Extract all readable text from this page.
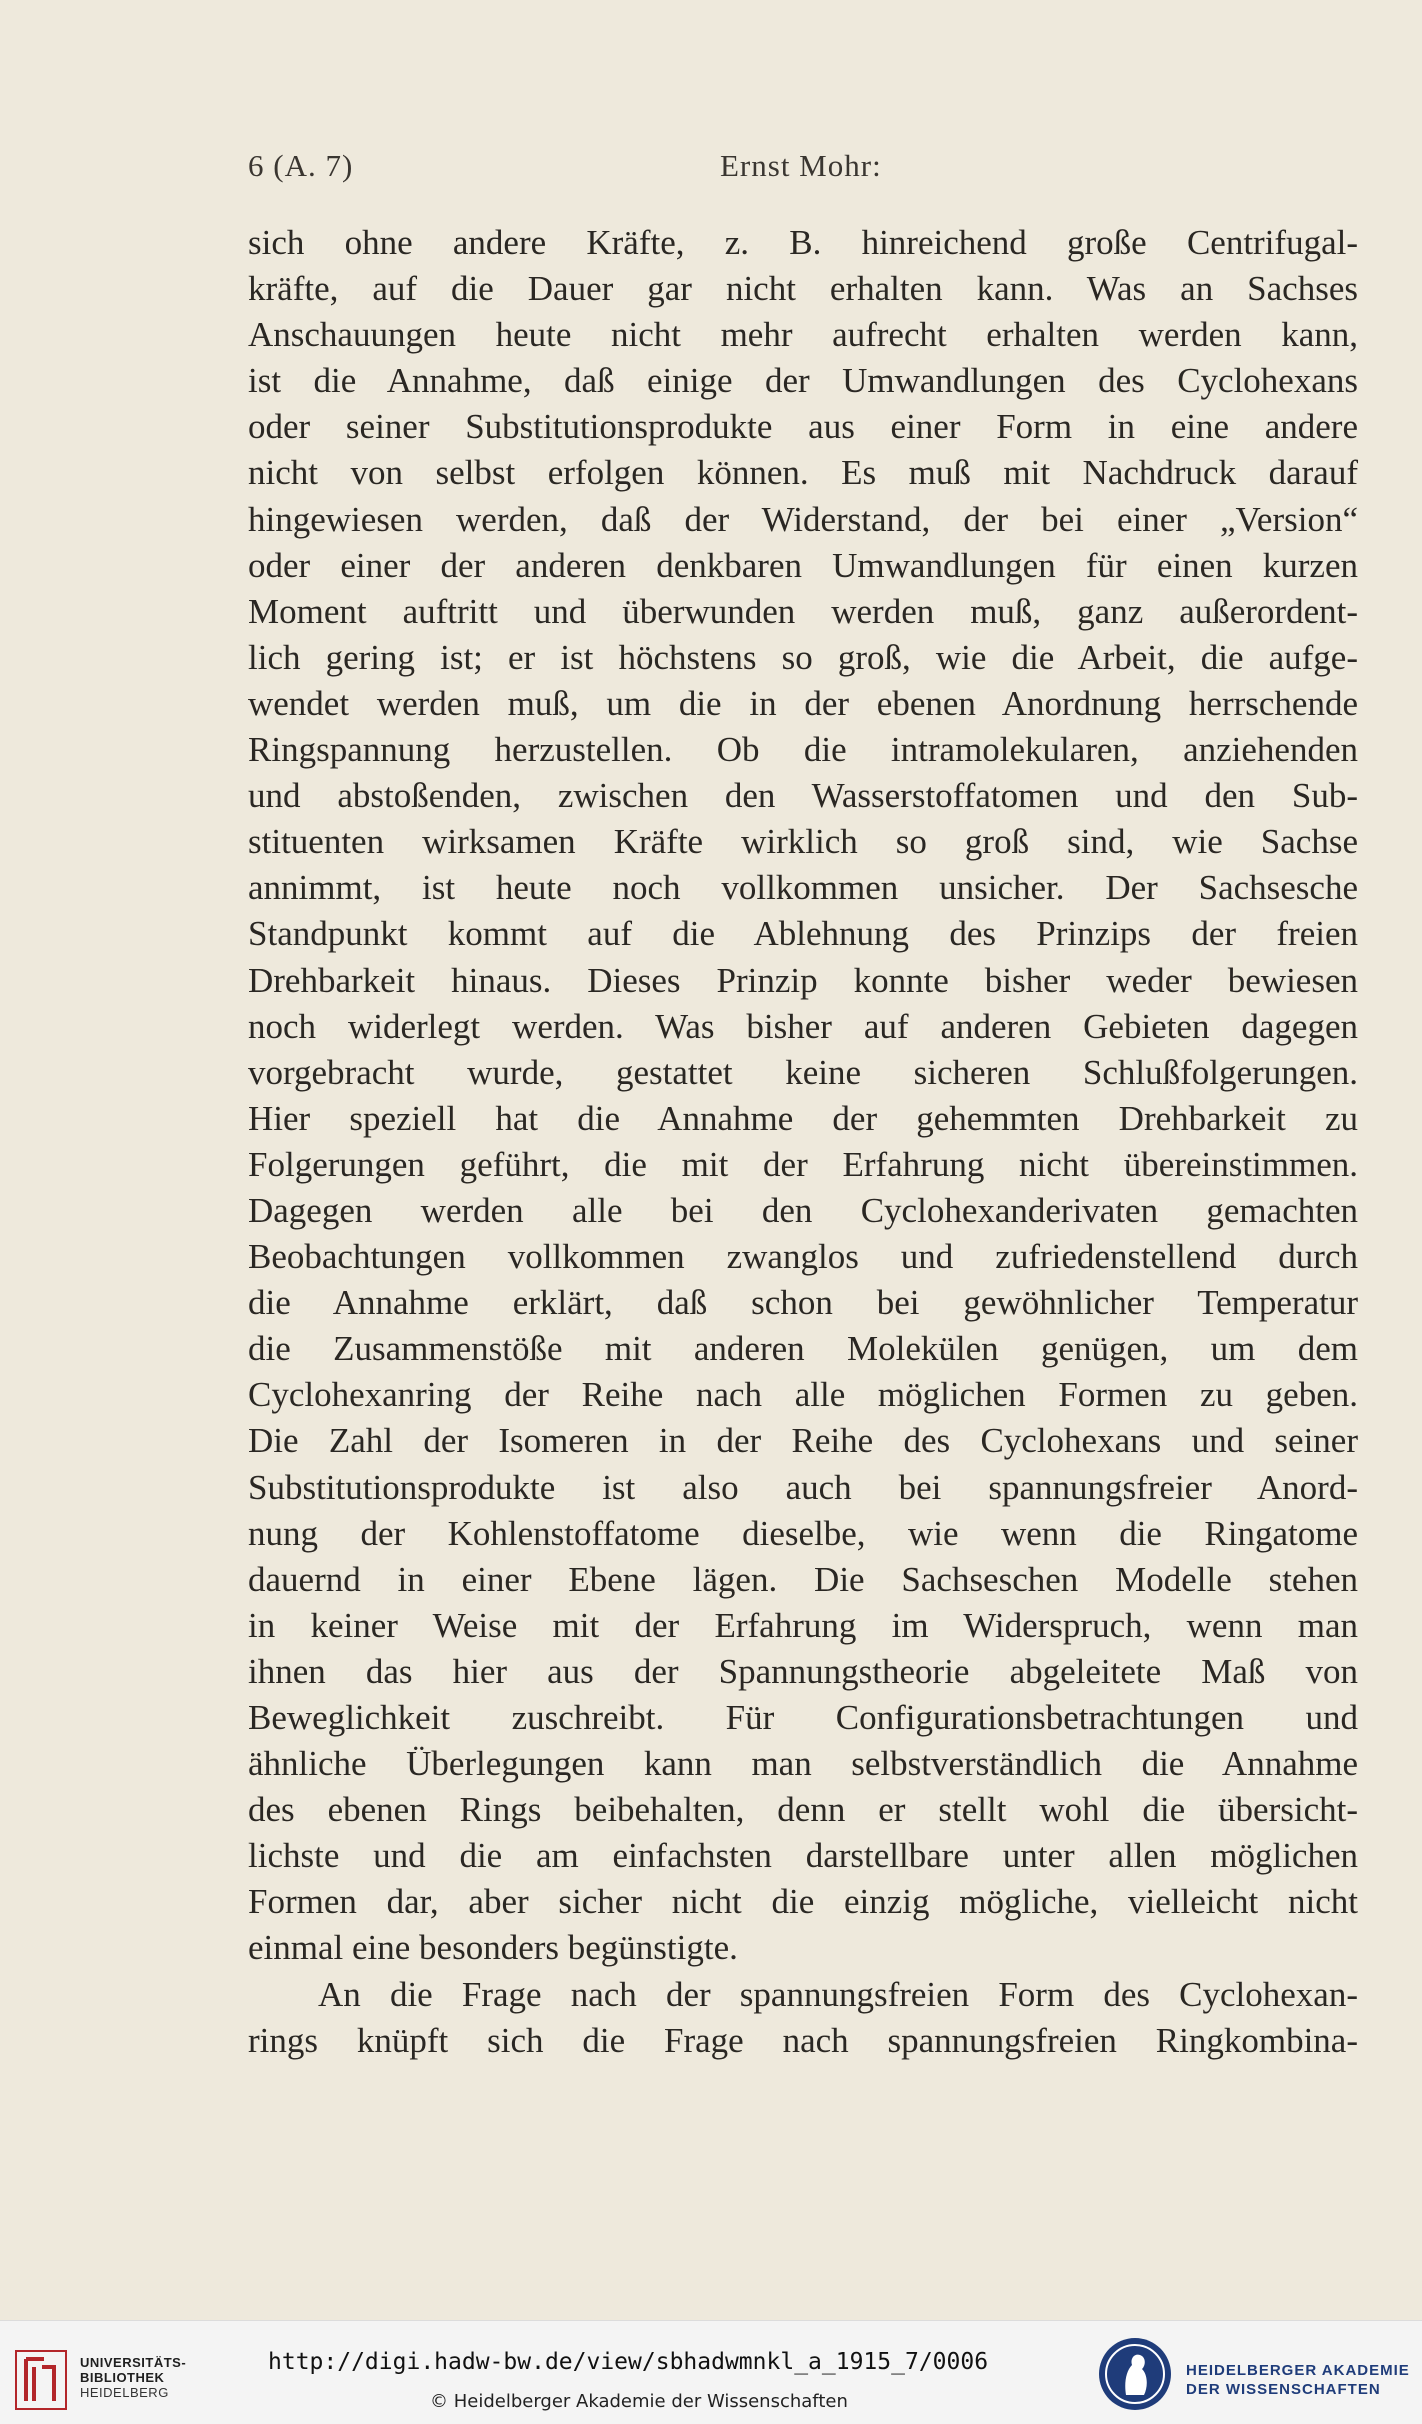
6 (A. 7)	Ernst Mohr:
sich ohne andere Kräfte, z. B. hinreichend große Centrifugal-
kräfte, auf die Dauer gar nicht erhalten kann. Was an Sachses
Anschauungen heute nicht mehr aufrecht erhalten werden kann,
ist die Annahme, daß einige der Umwandlungen des Cyclohexans
oder seiner Substitutionsprodukte aus einer Form in eine andere
nicht von selbst erfolgen können. Es muß mit Nachdruck darauf
hingewiesen werden, daß der Widerstand, der bei einer „Version“
oder einer der anderen denkbaren Umwandlungen für einen kurzen
Moment auftritt und überwunden werden muß, ganz außerordent-
lich gering ist; er ist höchstens so groß, wie die Arbeit, die aufge-
wendet werden muß, um die in der ebenen Anordnung herrschende
Ringspannung herzustellen. Ob die intramolekularen, anziehenden
und abstoßenden, zwischen den Wasserstoffatomen und den Sub-
stituenten wirksamen Kräfte wirklich so groß sind, wie Sachse
annimmt, ist heute noch vollkommen unsicher. Der Sachsesche
Standpunkt kommt auf die Ablehnung des Prinzips der freien
Drehbarkeit hinaus. Dieses Prinzip konnte bisher weder bewiesen
noch widerlegt werden. Was bisher auf anderen Gebieten dagegen
vorgebracht wurde, gestattet keine sicheren Schlußfolgerungen.
Hier speziell hat die Annahme der gehemmten Drehbarkeit zu
Folgerungen geführt, die mit der Erfahrung nicht übereinstimmen.
Dagegen werden alle bei den Cyclohexanderivaten gemachten
Beobachtungen vollkommen zwanglos und zufriedenstellend durch
die Annahme erklärt, daß schon bei gewöhnlicher Temperatur
die Zusammenstöße mit anderen Molekülen genügen, um dem
Cyclohexanring der Reihe nach alle möglichen Formen zu geben.
Die Zahl der Isomeren in der Reihe des Cyclohexans und seiner
Substitutionsprodukte ist also auch bei spannungsfreier Anord-
nung der Kohlenstoffatome dieselbe, wie wenn die Ringatome
dauernd in einer Ebene lägen. Die Sachseschen Modelle stehen
in keiner Weise mit der Erfahrung im Widerspruch, wenn man
ihnen das hier aus der Spannungstheorie abgeleitete Maß von
Beweglichkeit zuschreibt. Für Configurationsbetrachtungen und
ähnliche Überlegungen kann man selbstverständlich die Annahme
des ebenen Rings beibehalten, denn er stellt wohl die übersicht-
lichste und die am einfachsten darstellbare unter allen möglichen
Formen dar, aber sicher nicht die einzig mögliche, vielleicht nicht
einmal eine besonders begünstigte.
An die Frage nach der spannungsfreien Form des Cyclohexan-
rings knüpft sich die Frage nach spannungsfreien Ringkombina-
UNIVERSITÄTS-
BIBLIOTHEK
HEIDELBERG
http://digi.hadw-bw.de/view/sbhadwmnkl_a_1915_7/0006
© Heidelberger Akademie der Wissenschaften
HEIDELBERGER AKADEMIE
DER WISSENSCHAFTEN
